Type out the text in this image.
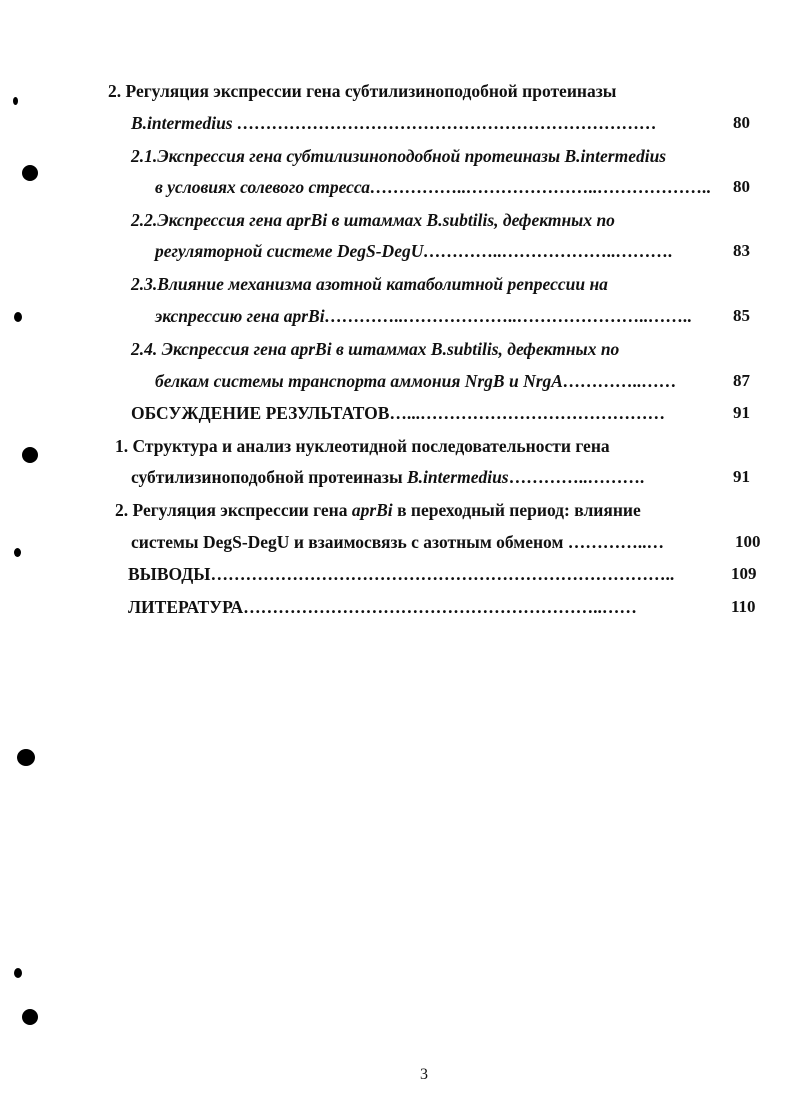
2. Регуляция экспрессии гена субтилизиноподобной протеиназы
B.intermedius ………………………………………………………………	80
2.1.Экспрессия гена субтилизиноподобной протеиназы B.intermedius
в условиях солевого стресса……………..…………………..……………….. 80
2.2.Экспрессия гена aprBi в штаммах B.subtilis, дефектных по
регуляторной системе DegS-DegU…………..………………..……….	83
2.3.Влияние механизма азотной катаболитной репрессии на
экспрессию гена aprBi…………..………………..…………………..…….. 85
2.4. Экспрессия гена aprBi в штаммах B.subtilis, дефектных по
белкам системы транспорта аммония NrgB и NrgA…………..……	87
ОБСУЖДЕНИЕ РЕЗУЛЬТАТОВ…...……………………………………	91
1. Структура и анализ нуклеотидной последовательности гена
субтилизиноподобной протеиназы B.intermedius…………..……….	91
2. Регуляция экспрессии гена aprBi в переходный период: влияние
системы DegS-DegU и взаимосвязь с азотным обменом …………..…	100
ВЫВОДЫ……………………………………………………………………..	109
ЛИТЕРАТУРА……………………………………………………..……	110
3
